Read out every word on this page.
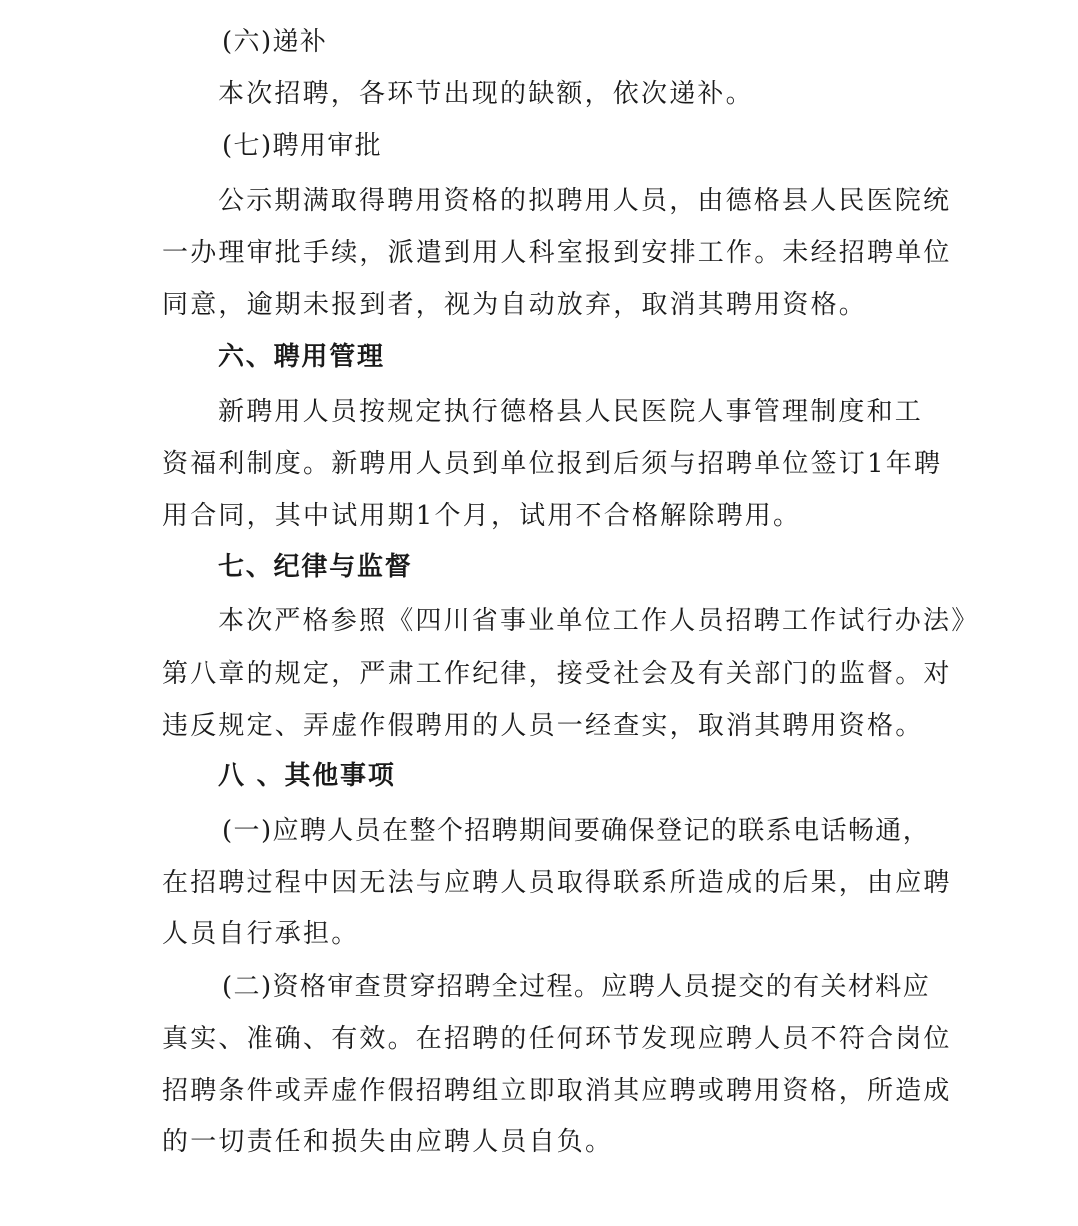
(六)递补
本次招聘，各环节出现的缺额，依次递补。
(七)聘用审批
公示期满取得聘用资格的拟聘用人员，由德格县人民医院统
一办理审批手续，派遣到用人科室报到安排工作。未经招聘单位
同意，逾期未报到者，视为自动放弃，取消其聘用资格。
六、聘用管理
新聘用人员按规定执行德格县人民医院人事管理制度和工
资福利制度。新聘用人员到单位报到后须与招聘单位签订1年聘
用合同，其中试用期1个月，试用不合格解除聘用。
七、纪律与监督
本次严格参照《四川省事业单位工作人员招聘工作试行办法》
第八章的规定，严肃工作纪律，接受社会及有关部门的监督。对
违反规定、弄虚作假聘用的人员一经查实，取消其聘用资格。
八 、其他事项
(一)应聘人员在整个招聘期间要确保登记的联系电话畅通，
在招聘过程中因无法与应聘人员取得联系所造成的后果，由应聘
人员自行承担。
(二)资格审查贯穿招聘全过程。应聘人员提交的有关材料应
真实、准确、有效。在招聘的任何环节发现应聘人员不符合岗位
招聘条件或弄虚作假招聘组立即取消其应聘或聘用资格，所造成
的一切责任和损失由应聘人员自负。
